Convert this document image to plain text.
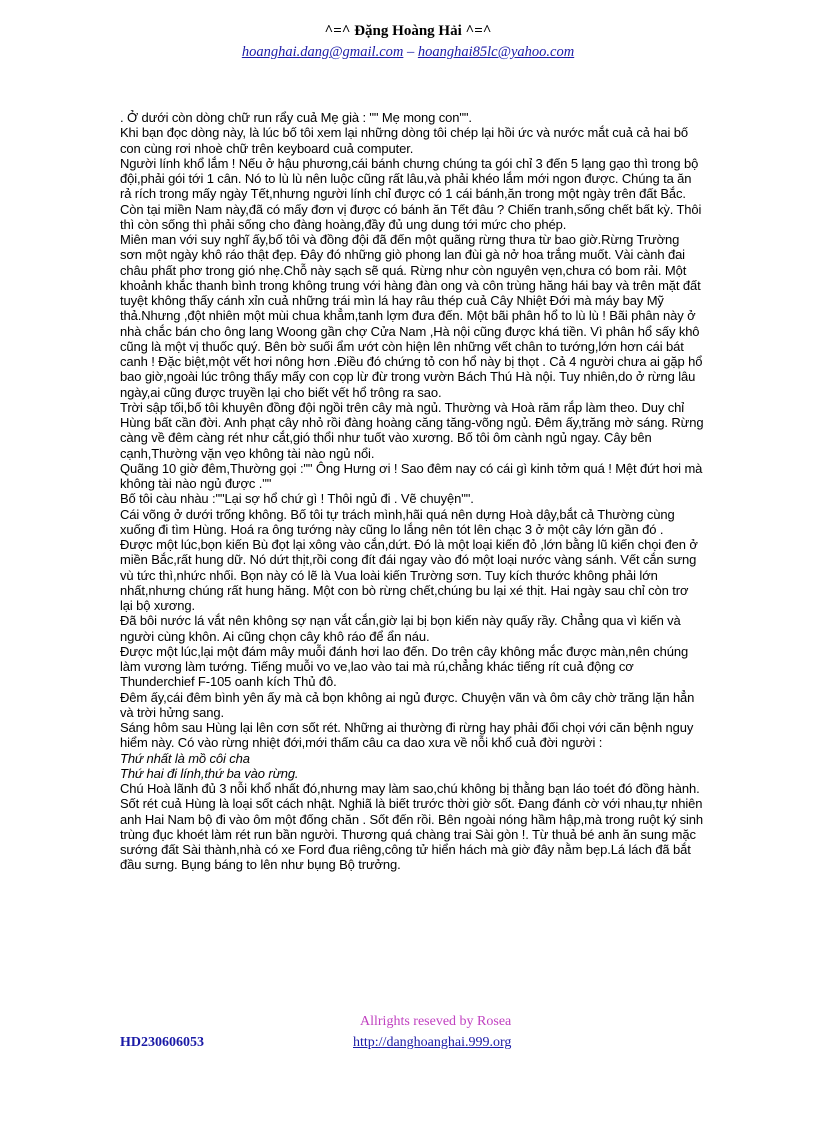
^=^ Đặng Hoàng Hải ^=^
hoanghai.dang@gmail.com – hoanghai85lc@yahoo.com

. Ở dưới còn dòng chữ run rẩy cuả Mẹ già : "" Mẹ mong con"".

Khi bạn đọc dòng này, là lúc bố tôi xem lại những dòng tôi chép lại hồi ức và nước mắt cuả cả hai bố con cùng rơi nhoè chữ trên keyboard cuả computer.

Người lính khổ lắm ! Nếu ở hậu phương,cái bánh chưng chúng ta gói chỉ 3 đến 5 lạng gạo thì trong bộ đội,phải gói tới 1 cân. Nó to lù lù nên luộc cũng rất lâu,và phải khéo lắm mới ngon được. Chúng ta ăn rả rích trong mấy ngày Tết,nhưng người lính chỉ được có 1 cái bánh,ăn trong một ngày trên đất Bắc. Còn tại miền Nam này,đã có mấy đơn vị được có bánh ăn Tết đâu ? Chiến tranh,sống chết bất kỳ. Thôi thì còn sống thì phải sống cho đàng hoàng,đầy đủ ung dung tới mức cho phép.

Miên man với suy nghĩ ấy,bố tôi và đồng đội đã đến một quãng rừng thưa từ bao giờ.Rừng Trường sơn một ngày khô ráo thật đẹp. Đây đó những giò phong lan đùi gà nở hoa trắng muốt. Vài cành đai châu phất phơ trong gió nhẹ.Chỗ này sạch sẽ quá. Rừng như còn nguyên vẹn,chưa có bom rải. Một khoảnh khắc thanh bình trong không trung với hàng đàn ong và côn trùng hăng hái bay và trên mặt đất tuyệt không thấy cánh xỉn cuả những trái mìn lá hay râu thép cuả Cây Nhiệt Đới mà máy bay Mỹ thả.Nhưng ,đột nhiên một mùi chua khẳm,tanh lợm đưa đến. Một bãi phân hổ to lù lù ! Bãi phân này ở nhà chắc bán cho ông lang Woong gần chợ Cửa Nam ,Hà nội cũng được khá tiền. Vì phân hổ sấy khô cũng là một vị thuốc quý. Bên bờ suối ẩm ướt còn hiện lên những vết chân to tướng,lớn hơn cái bát canh ! Đặc biệt,một vết hơi nông hơn .Điều đó chứng tỏ con hổ này bị thọt . Cả 4 người chưa ai gặp hổ bao giờ,ngoài lúc trông thấy mấy con cọp lừ đừ trong vườn Bách Thú Hà nội. Tuy nhiên,do ở rừng lâu ngày,ai cũng được truyền lại cho biết vết hổ trông ra sao.

Trời sập tối,bố tôi khuyên đồng đội ngồi trên cây mà ngủ. Thường và Hoà răm rắp làm theo. Duy chỉ Hùng bất cần đời. Anh phạt cây nhỏ rồi đàng hoàng căng tăng-võng ngủ. Đêm ấy,trăng mờ sáng. Rừng càng về đêm càng rét như cắt,gió thổi như tuốt vào xương. Bố tôi ôm cành ngủ ngay. Cây bên cạnh,Thường vặn vẹo không tài nào ngủ nổi.

Quãng 10 giờ đêm,Thường gọi :"" Ông Hưng ơi ! Sao đêm nay có cái gì kinh tởm quá ! Mệt đứt hơi mà không tài nào ngủ được .""

Bố tôi càu nhàu :""Lại sợ hổ chứ gì ! Thôi ngủ đi . Vẽ chuyện"".

Cái võng ở dưới trống không. Bố tôi tự trách mình,hãi quá nên dựng Hoà dậy,bắt cả Thường cùng xuống đi tìm Hùng. Hoá ra ông tướng này cũng lo lắng nên tót lên chạc 3 ở một cây lớn gần đó .

Được một lúc,bọn kiến Bù đọt lại xông vào cắn,dứt. Đó là một loại kiến đỏ ,lớn bằng lũ kiến chọi đen ở miền Bắc,rất hung dữ. Nó dứt thịt,rồi cong đít đái ngay vào đó một loại nước vàng sánh. Vết cắn sưng vù tức thì,nhức nhối. Bọn này có lẽ là Vua loài kiến Trường sơn. Tuy kích thước không phải lớn nhất,nhưng chúng rất hung hăng. Một con bò rừng chết,chúng bu lại xé thịt. Hai ngày sau chỉ còn trơ lại bộ xương.

Đã bôi nước lá vắt nên không sợ nạn vắt cắn,giờ lại bị bọn kiến này quấy rầy. Chẳng qua vì kiến và người cùng khôn. Ai cũng chọn cây khô ráo để ẩn náu.

Được một lúc,lại một đám mây muỗi đánh hơi lao đến. Do trên cây không mắc được màn,nên chúng làm vương làm tướng. Tiếng muỗi vo ve,lao vào tai mà rú,chẳng khác tiếng rít cuả động cơ Thunderchief F-105 oanh kích Thủ đô.

Đêm ấy,cái đêm bình yên ấy mà cả bọn không ai ngủ được. Chuyện vãn và ôm cây chờ trăng lặn hẳn và trời hửng sang.

Sáng hôm sau Hùng lại lên cơn sốt rét. Những ai thường đi rừng hay phải đối chọi với căn bệnh nguy hiểm này. Có vào rừng nhiệt đới,mới thấm câu ca dao xưa về nỗi khổ cuả đời người :

Thứ nhất là mồ côi cha

Thứ hai đi lính,thứ ba vào rừng.

Chú Hoà lãnh đủ 3 nỗi khổ nhất đó,nhưng may làm sao,chú không bị thằng bạn láo toét đó đồng hành.

Sốt rét cuả Hùng là loại sốt cách nhật. Nghiã là biết trước thời giờ sốt. Đang đánh cờ với nhau,tự nhiên anh Hai Nam bộ đi vào ôm một đống chăn . Sốt đến rồi. Bên ngoài nóng hầm hập,mà trong ruột ký sinh trùng đục khoét làm rét run bần người. Thương quá chàng trai Sài gòn !. Từ thuả bé anh ăn sung mặc sướng đất Sài thành,nhà có xe Ford đua riêng,công tử hiển hách mà giờ đây nằm bẹp.Lá lách đã bắt đầu sưng. Bụng báng to lên như bụng Bộ trưởng.

Allrights reseved by Rosea
HD230606053	http://danghoanghai.999.org
